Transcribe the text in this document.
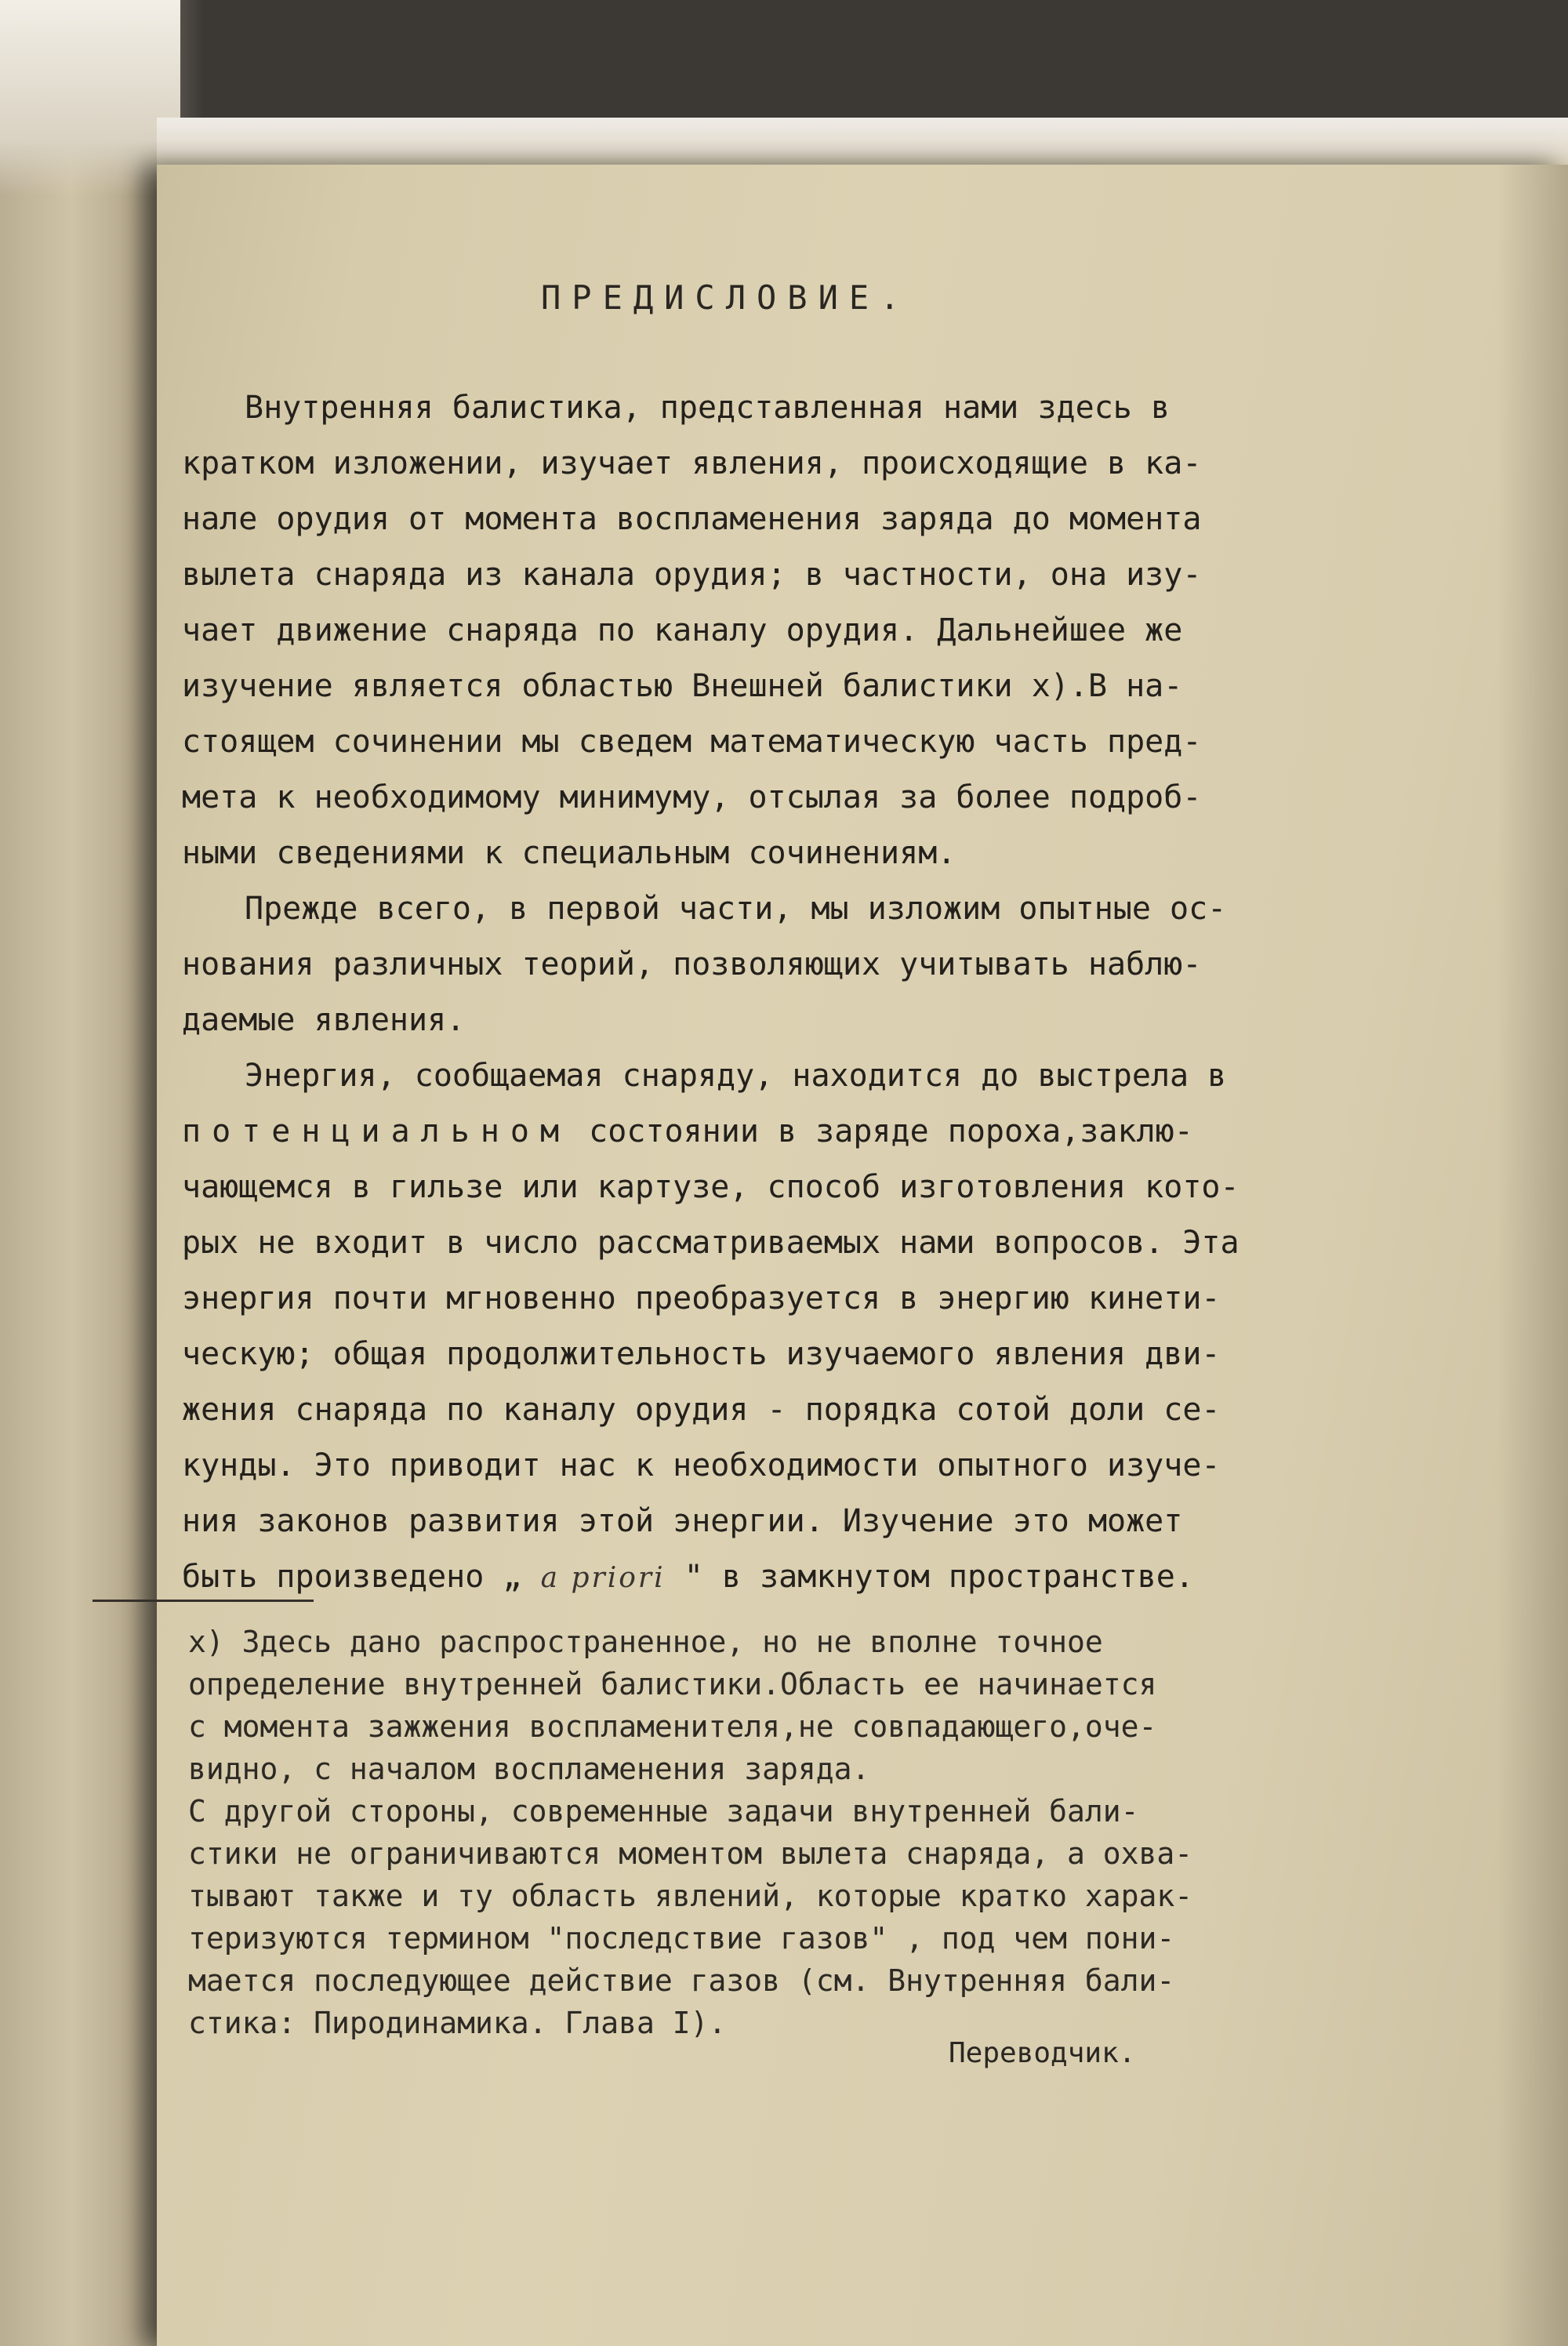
ПРЕДИСЛОВИЕ.
Внутренняя балистика, представленная нами здесь в
кратком изложении, изучает явления, происходящие в ка-
нале орудия от момента воспламенения заряда до момента
вылета снаряда из канала орудия; в частности, она изу-
чает движение снаряда по каналу орудия. Дальнейшее же
изучение является областью Внешней балистики х).В на-
стоящем сочинении мы сведем математическую часть пред-
мета к необходимому минимуму, отсылая за более подроб-
ными сведениями к специальным сочинениям.
Прежде всего, в первой части, мы изложим опытные ос-
нования различных теорий, позволяющих учитывать наблю-
даемые явления.
Энергия, сообщаемая снаряду, находится до выстрела в
потенциальном состоянии в заряде пороха,заклю-
чающемся в гильзе или картузе, способ изготовления кото-
рых не входит в число рассматриваемых нами вопросов. Эта
энергия почти мгновенно преобразуется в энергию кинети-
ческую; общая продолжительность изучаемого явления дви-
жения снаряда по каналу орудия - порядка сотой доли се-
кунды. Это приводит нас к необходимости опытного изуче-
ния законов развития этой энергии. Изучение это может
быть произведено „ a priori " в замкнутом пространстве.
х) Здесь дано распространенное, но не вполне точное
определение внутренней балистики.Область ее начинается
с момента зажжения воспламенителя,не совпадающего,оче-
видно, с началом воспламенения заряда.
С другой стороны, современные задачи внутренней бали-
стики не ограничиваются моментом вылета снаряда, а охва-
тывают также и ту область явлений, которые кратко харак-
теризуются термином "последствие газов" , под чем пони-
мается последующее действие газов (см. Внутренняя бали-
стика: Пиродинамика. Глава I).
Переводчик.
